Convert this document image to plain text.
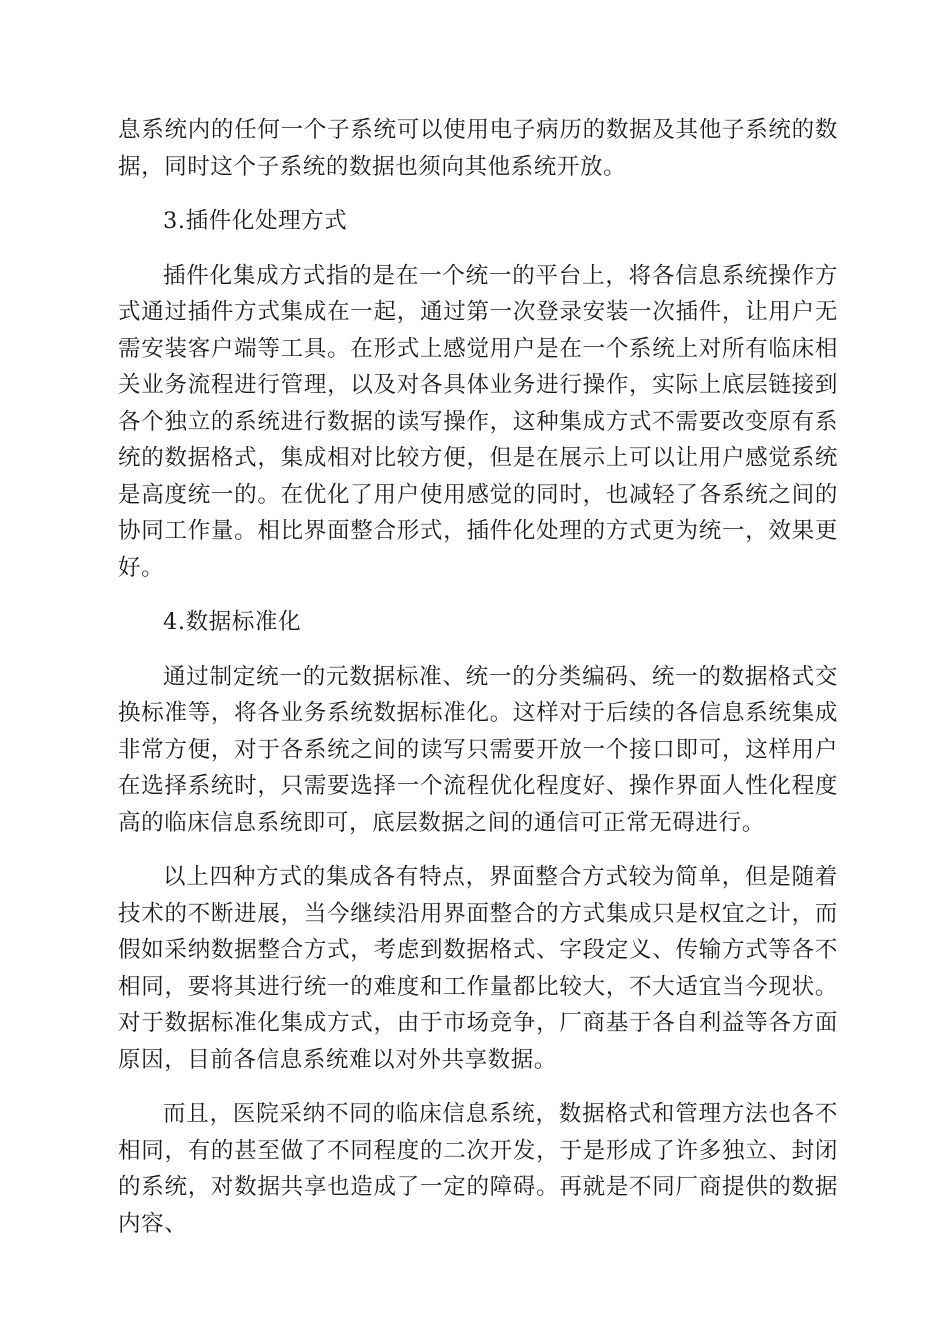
息系统内的任何一个子系统可以使用电子病历的数据及其他子系统的数据，同时这个子系统的数据也须向其他系统开放。

3.插件化处理方式

插件化集成方式指的是在一个统一的平台上，将各信息系统操作方式通过插件方式集成在一起，通过第一次登录安装一次插件，让用户无需安装客户端等工具。在形式上感觉用户是在一个系统上对所有临床相关业务流程进行管理，以及对各具体业务进行操作，实际上底层链接到各个独立的系统进行数据的读写操作，这种集成方式不需要改变原有系统的数据格式，集成相对比较方便，但是在展示上可以让用户感觉系统是高度统一的。在优化了用户使用感觉的同时，也减轻了各系统之间的协同工作量。相比界面整合形式，插件化处理的方式更为统一，效果更好。

4.数据标准化

通过制定统一的元数据标准、统一的分类编码、统一的数据格式交换标准等，将各业务系统数据标准化。这样对于后续的各信息系统集成非常方便，对于各系统之间的读写只需要开放一个接口即可，这样用户在选择系统时，只需要选择一个流程优化程度好、操作界面人性化程度高的临床信息系统即可，底层数据之间的通信可正常无碍进行。

以上四种方式的集成各有特点，界面整合方式较为简单，但是随着技术的不断进展，当今继续沿用界面整合的方式集成只是权宜之计，而假如采纳数据整合方式，考虑到数据格式、字段定义、传输方式等各不相同，要将其进行统一的难度和工作量都比较大，不大适宜当今现状。对于数据标准化集成方式，由于市场竞争，厂商基于各自利益等各方面原因，目前各信息系统难以对外共享数据。

而且，医院采纳不同的临床信息系统，数据格式和管理方法也各不相同，有的甚至做了不同程度的二次开发，于是形成了许多独立、封闭的系统，对数据共享也造成了一定的障碍。再就是不同厂商提供的数据内容、
